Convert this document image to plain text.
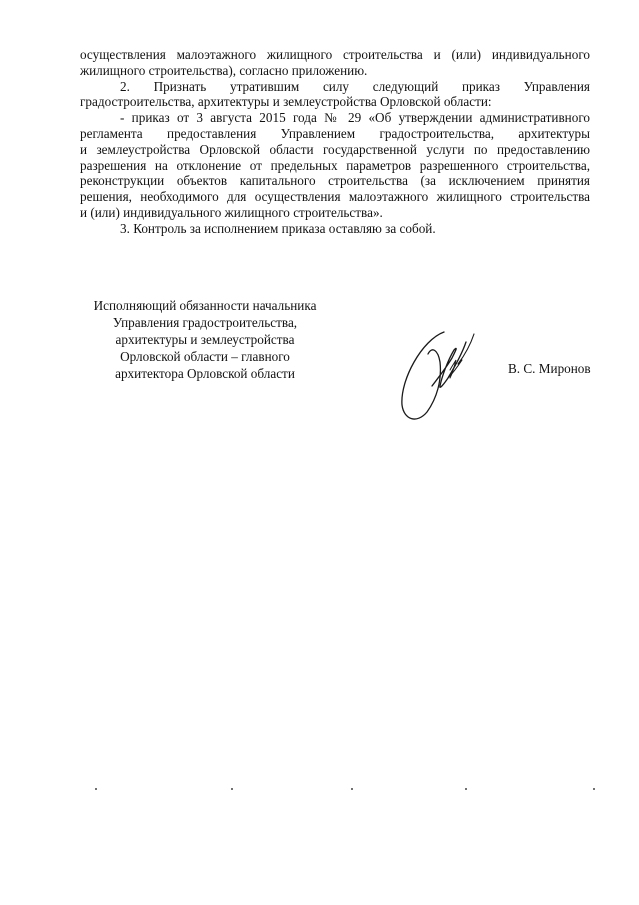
осуществления малоэтажного жилищного строительства и (или) индивидуального
жилищного строительства), согласно приложению.
2. Признать утратившим силу следующий приказ Управления
градостроительства, архитектуры и землеустройства Орловской области:
- приказ от 3 августа 2015 года № 29 «Об утверждении административного
регламента предоставления Управлением градостроительства, архитектуры
и землеустройства Орловской области государственной услуги по предоставлению
разрешения на отклонение от предельных параметров разрешенного строительства,
реконструкции объектов капитального строительства (за исключением принятия
решения, необходимого для осуществления малоэтажного жилищного строительства
и (или) индивидуального жилищного строительства».
3. Контроль за исполнением приказа оставляю за собой.
Исполняющий обязанности начальника
Управления градостроительства,
архитектуры и землеустройства
Орловской области – главного
архитектора Орловской области	В. С. Миронов
